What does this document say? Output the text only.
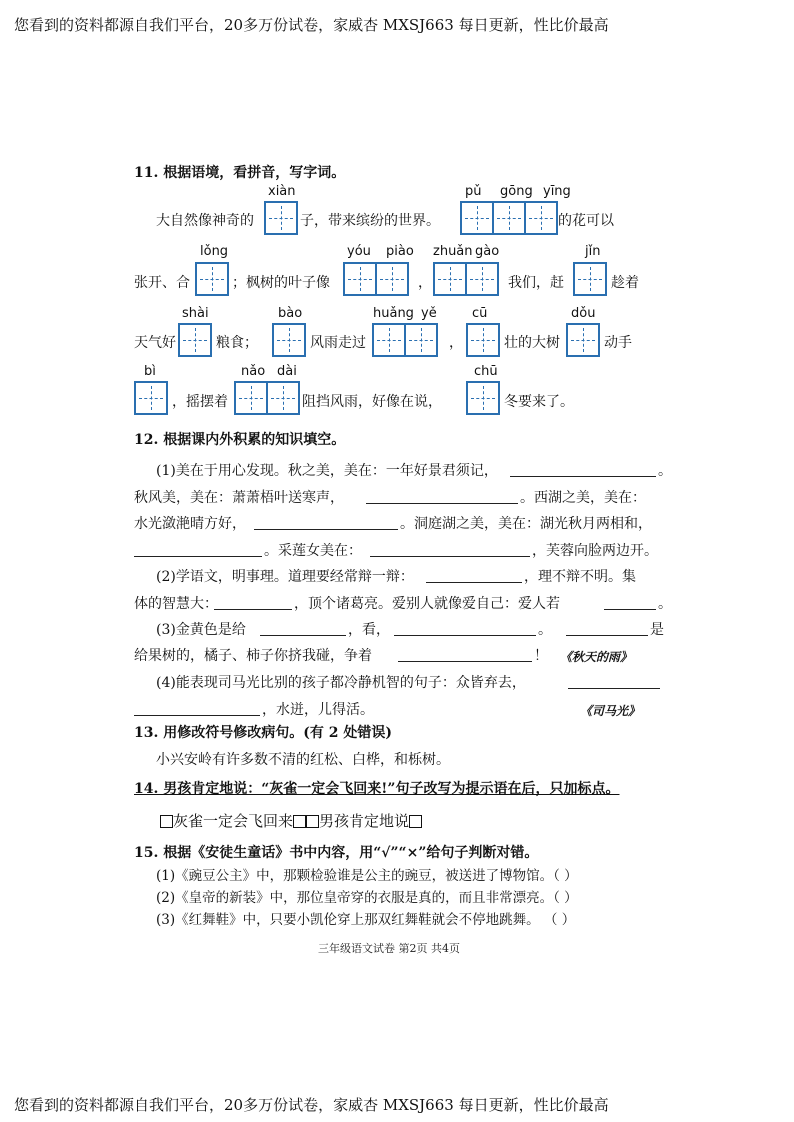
您看到的资料都源自我们平台，20多万份试卷，家威杏 MXSJ663 每日更新，性比价最高
11. 根据语境，看拼音，写字词。
xiàn	pǔ gōng yīng
大自然像神奇的	子，带来缤纷的世界。	的花可以
lǒng	yóu piào zhuǎn gào	jǐn
张开、合	；枫树的叶子像	，	我们，赶	趁着
shài	bào	huǎng yě	cū	dǒu
天气好	粮食；	风雨走过	，	壮的大树	动手
bì	nǎo dài	chū
，摇摆着	阻挡风雨，好像在说，	冬要来了。
12. 根据课内外积累的知识填空。
(1)美在于用心发现。秋之美，美在：一年好景君须记，	。
秋风美，美在：萧萧梧叶送寒声，	。西湖之美，美在：
水光潋滟晴方好，	。洞庭湖之美，美在：湖光秋月两相和，
。采莲女美在：	，芙蓉向脸两边开。
(2)学语文，明事理。道理要经常辩一辩：	，理不辩不明。集
体的智慧大：	，顶个诸葛亮。爱别人就像爱自己：爱人若	。
(3)金黄色是给	，看，	。	是
给果树的，橘子、柿子你挤我碰，争着	！ 《秋天的雨》
(4)能表现司马光比别的孩子都冷静机智的句子：众皆弃去，
，水迸，儿得活。	《司马光》
13. 用修改符号修改病句。(有 2 处错误)
小兴安岭有许多数不清的红松、白桦，和栎树。
14. 男孩肯定地说：“灰雀一定会飞回来!”句子改写为提示语在后，只加标点。
灰雀一定会飞回来 男孩肯定地说
15. 根据《安徒生童话》书中内容，用“√”“×”给句子判断对错。
(1)《豌豆公主》中，那颗检验谁是公主的豌豆，被送进了博物馆。（ ）
(2)《皇帝的新装》中，那位皇帝穿的衣服是真的，而且非常漂亮。（ ）
(3)《红舞鞋》中，只要小凯伦穿上那双红舞鞋就会不停地跳舞。 （ ）
三年级语文试卷 第2页 共4页
您看到的资料都源自我们平台，20多万份试卷，家威杏 MXSJ663 每日更新，性比价最高
